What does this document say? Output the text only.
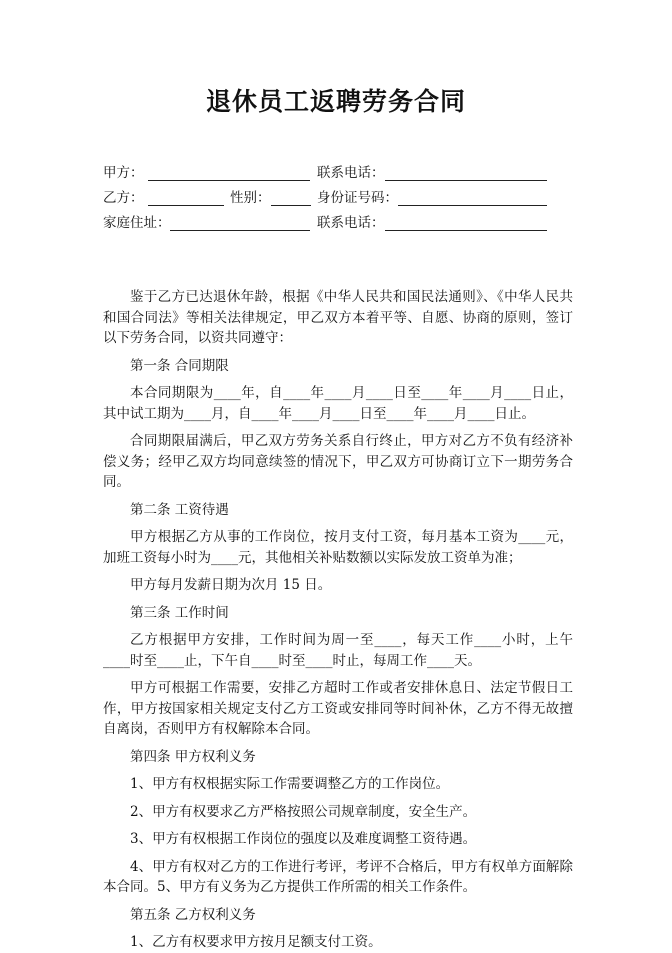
退休员工返聘劳务合同
甲方：	联系电话：
乙方：	性别：	身份证号码：
家庭住址：	联系电话：

鉴于乙方已达退休年龄，根据《中华人民共和国民法通则》、《中华人民共和国合同法》等相关法律规定，甲乙双方本着平等、自愿、协商的原则，签订以下劳务合同，以资共同遵守：

第一条 合同期限

本合同期限为____年，自____年____月____日至____年____月____日止，其中试工期为____月，自____年____月____日至____年____月____日止。

合同期限届满后，甲乙双方劳务关系自行终止，甲方对乙方不负有经济补偿义务；经甲乙双方均同意续签的情况下，甲乙双方可协商订立下一期劳务合同。

第二条 工资待遇

甲方根据乙方从事的工作岗位，按月支付工资，每月基本工资为____元，加班工资每小时为____元，其他相关补贴数额以实际发放工资单为准；

甲方每月发薪日期为次月 15 日。

第三条 工作时间

乙方根据甲方安排，工作时间为周一至____，每天工作____小时，上午____时至____止，下午自____时至____时止，每周工作____天。

甲方可根据工作需要，安排乙方超时工作或者安排休息日、法定节假日工作，甲方按国家相关规定支付乙方工资或安排同等时间补休，乙方不得无故擅自离岗，否则甲方有权解除本合同。

第四条 甲方权利义务

1、甲方有权根据实际工作需要调整乙方的工作岗位。

2、甲方有权要求乙方严格按照公司规章制度，安全生产。

3、甲方有权根据工作岗位的强度以及难度调整工资待遇。

4、甲方有权对乙方的工作进行考评，考评不合格后，甲方有权单方面解除本合同。5、甲方有义务为乙方提供工作所需的相关工作条件。

第五条 乙方权利义务

1、乙方有权要求甲方按月足额支付工资。
